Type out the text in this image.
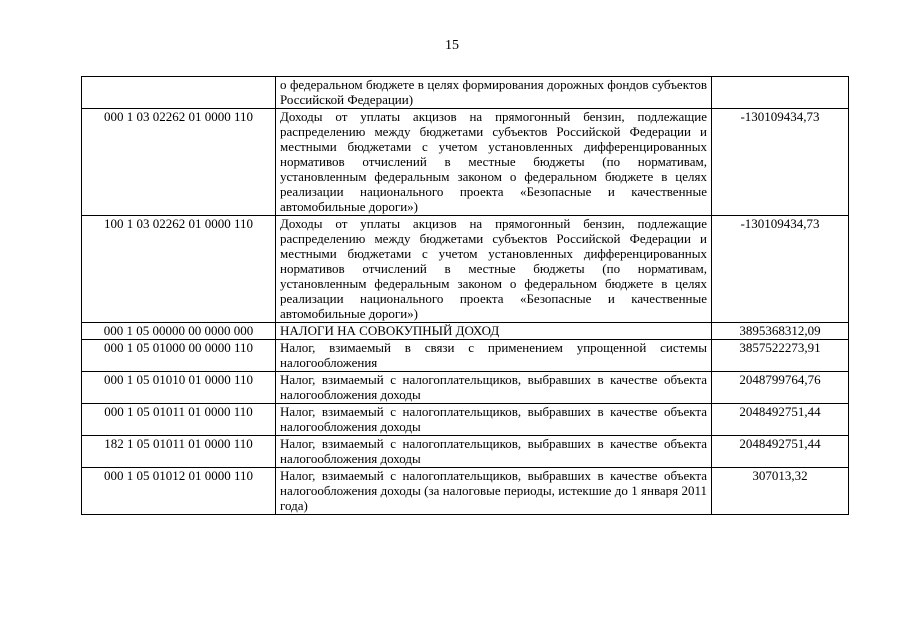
15
	о федеральном бюджете в целях формирования дорожных фондов субъектов Российской Федерации)	
000 1 03 02262 01 0000 110	Доходы от уплаты акцизов на прямогонный бензин, подлежащие распределению между бюджетами субъектов Российской Федерации и местными бюджетами с учетом установленных дифференцированных нормативов отчислений в местные бюджеты (по нормативам, установленным федеральным законом о федеральном бюджете в целях реализации национального проекта «Безопасные и качественные автомобильные дороги»)	-130109434,73
100 1 03 02262 01 0000 110	Доходы от уплаты акцизов на прямогонный бензин, подлежащие распределению между бюджетами субъектов Российской Федерации и местными бюджетами с учетом установленных дифференцированных нормативов отчислений в местные бюджеты (по нормативам, установленным федеральным законом о федеральном бюджете в целях реализации национального проекта «Безопасные и качественные автомобильные дороги»)	-130109434,73
000 1 05 00000 00 0000 000	НАЛОГИ НА СОВОКУПНЫЙ ДОХОД	3895368312,09
000 1 05 01000 00 0000 110	Налог, взимаемый в связи с применением упрощенной системы налогообложения	3857522273,91
000 1 05 01010 01 0000 110	Налог, взимаемый с налогоплательщиков, выбравших в качестве объекта налогообложения доходы	2048799764,76
000 1 05 01011 01 0000 110	Налог, взимаемый с налогоплательщиков, выбравших в качестве объекта налогообложения доходы	2048492751,44
182 1 05 01011 01 0000 110	Налог, взимаемый с налогоплательщиков, выбравших в качестве объекта налогообложения доходы	2048492751,44
000 1 05 01012 01 0000 110	Налог, взимаемый с налогоплательщиков, выбравших в качестве объекта налогообложения доходы (за налоговые периоды, истекшие до 1 января 2011 года)	307013,32
